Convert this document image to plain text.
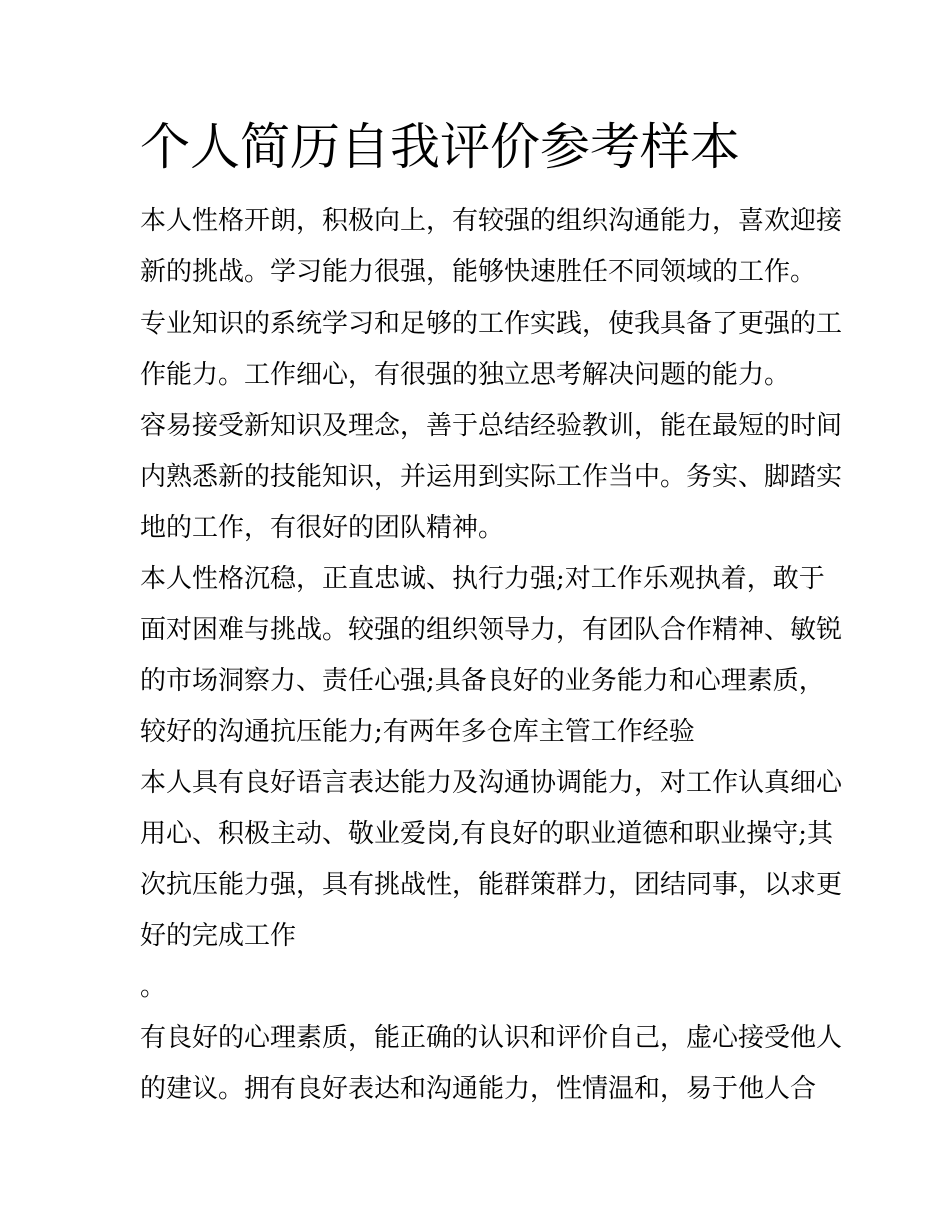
个人简历自我评价参考样本

本人性格开朗，积极向上，有较强的组织沟通能力，喜欢迎接

新的挑战。学习能力很强，能够快速胜任不同领域的工作。

专业知识的系统学习和足够的工作实践，使我具备了更强的工

作能力。工作细心，有很强的独立思考解决问题的能力。

容易接受新知识及理念，善于总结经验教训，能在最短的时间

内熟悉新的技能知识，并运用到实际工作当中。务实、脚踏实

地的工作，有很好的团队精神。

本人性格沉稳，正直忠诚、执行力强;对工作乐观执着，敢于

面对困难与挑战。较强的组织领导力，有团队合作精神、敏锐

的市场洞察力、责任心强;具备良好的业务能力和心理素质，

较好的沟通抗压能力;有两年多仓库主管工作经验

本人具有良好语言表达能力及沟通协调能力，对工作认真细心

用心、积极主动、敬业爱岗,有良好的职业道德和职业操守;其

次抗压能力强，具有挑战性，能群策群力，团结同事，以求更

好的完成工作

。

有良好的心理素质，能正确的认识和评价自己，虚心接受他人

的建议。拥有良好表达和沟通能力，性情温和，易于他人合
